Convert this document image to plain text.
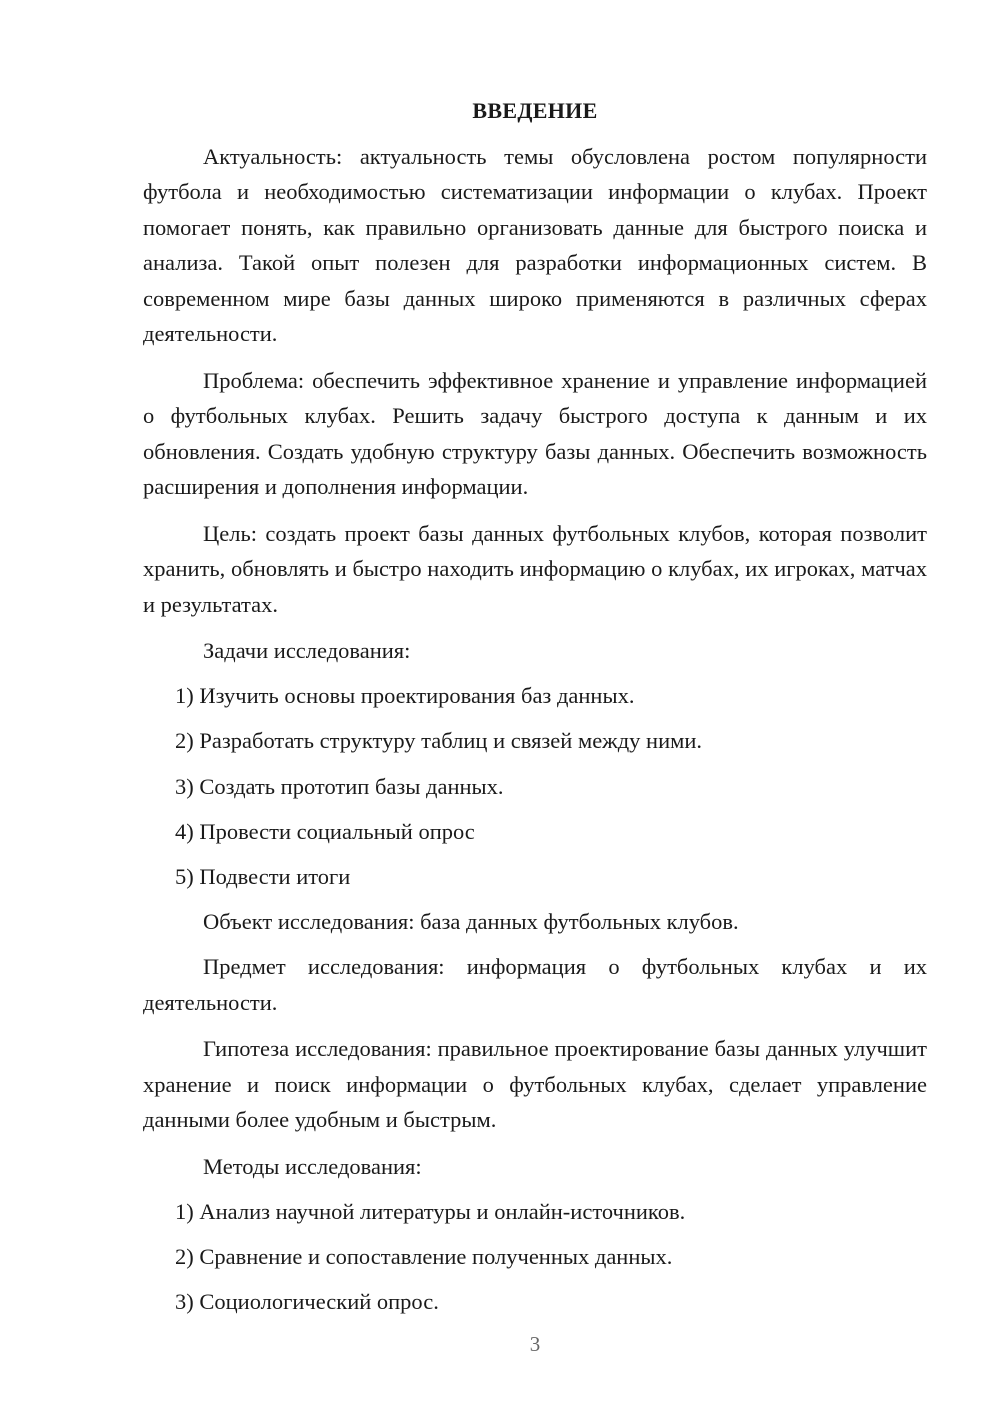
ВВЕДЕНИЕ
Актуальность: актуальность темы обусловлена ростом популярности футбола и необходимостью систематизации информации о клубах. Проект помогает понять, как правильно организовать данные для быстрого поиска и анализа. Такой опыт полезен для разработки информационных систем. В современном мире базы данных широко применяются в различных сферах деятельности.
Проблема: обеспечить эффективное хранение и управление информацией о футбольных клубах. Решить задачу быстрого доступа к данным и их обновления. Создать удобную структуру базы данных. Обеспечить возможность расширения и дополнения информации.
Цель: создать проект базы данных футбольных клубов, которая позволит хранить, обновлять и быстро находить информацию о клубах, их игроках, матчах и результатах.
Задачи исследования:
1) Изучить основы проектирования баз данных.
2) Разработать структуру таблиц и связей между ними.
3) Создать прототип базы данных.
4) Провести социальный опрос
5) Подвести итоги
Объект исследования: база данных футбольных клубов.
Предмет исследования: информация о футбольных клубах и их деятельности.
Гипотеза исследования: правильное проектирование базы данных улучшит хранение и поиск информации о футбольных клубах, сделает управление данными более удобным и быстрым.
Методы исследования:
1) Анализ научной литературы и онлайн-источников.
2) Сравнение и сопоставление полученных данных.
3) Социологический опрос.
3
